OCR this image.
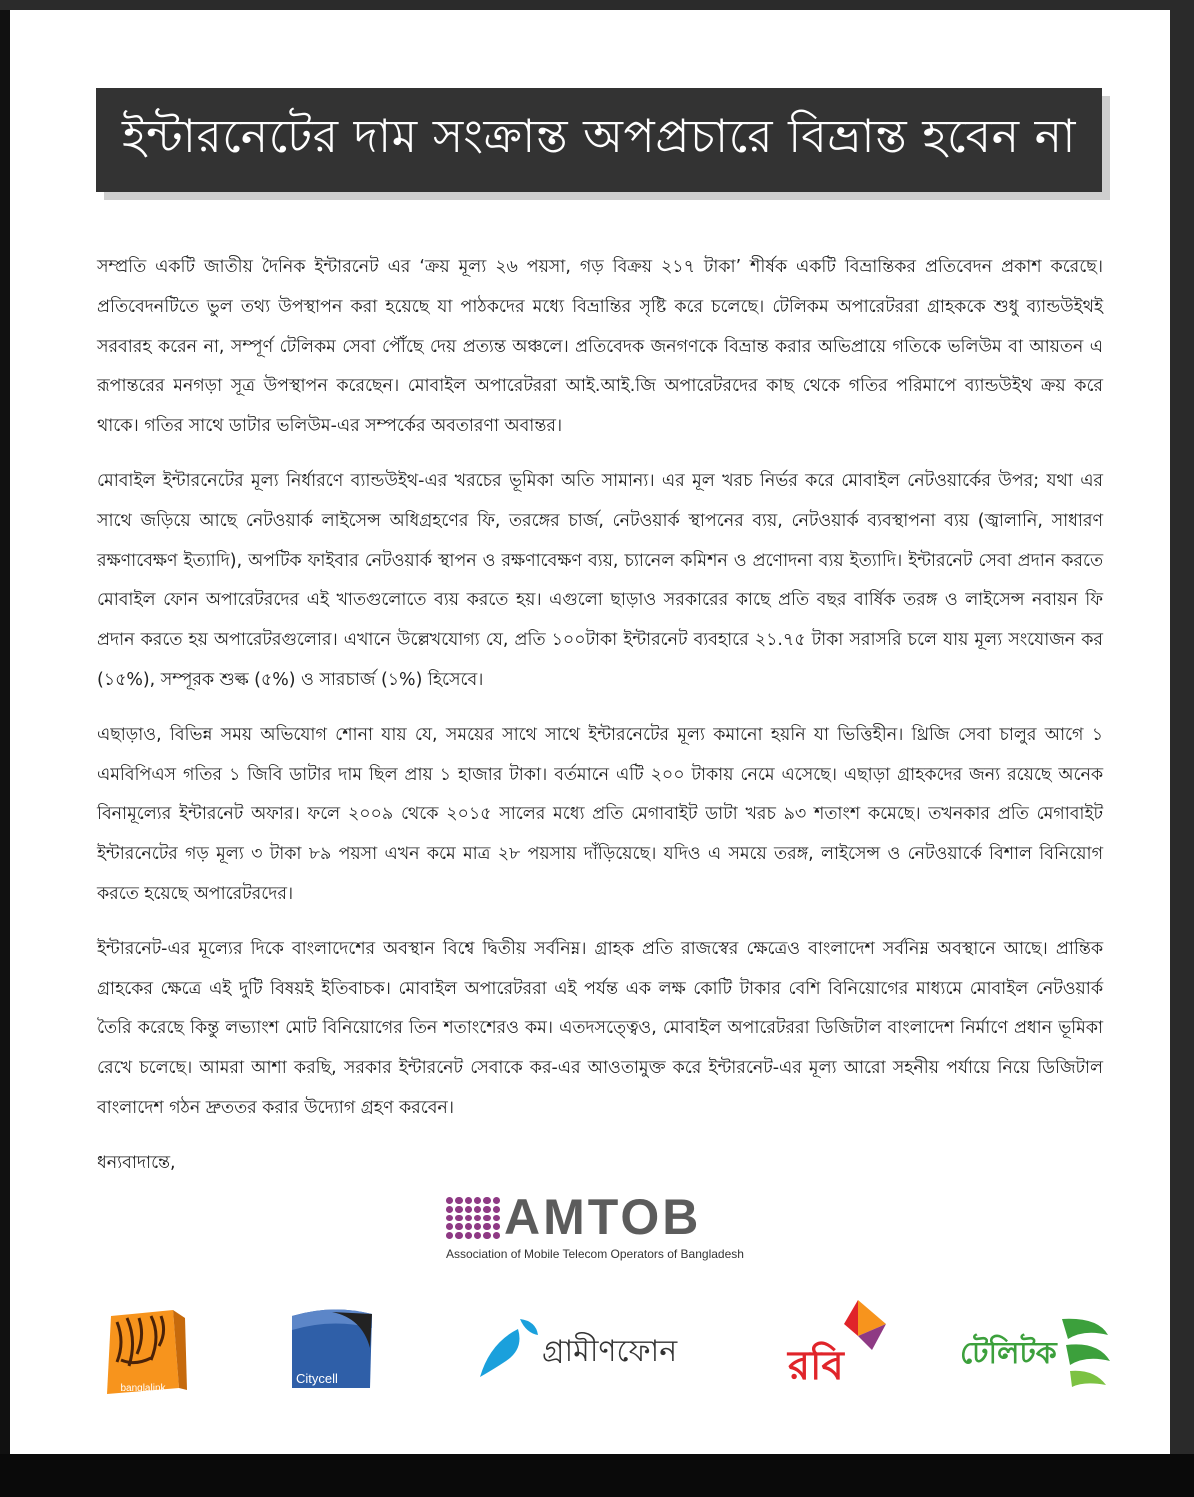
ইন্টারনেটের দাম সংক্রান্ত অপপ্রচারে বিভ্রান্ত হবেন না

সম্প্রতি একটি জাতীয় দৈনিক ইন্টারনেট এর ‘ক্রয় মূল্য ২৬ পয়সা, গড় বিক্রয় ২১৭ টাকা’ শীর্ষক একটি বিভ্রান্তিকর প্রতিবেদন প্রকাশ করেছে। প্রতিবেদনটিতে ভুল তথ্য উপস্থাপন করা হয়েছে যা পাঠকদের মধ্যে বিভ্রান্তির সৃষ্টি করে চলেছে। টেলিকম অপারেটররা গ্রাহককে শুধু ব্যান্ডউইথই সরবারহ করেন না, সম্পূর্ণ টেলিকম সেবা পৌঁছে দেয় প্রত্যন্ত অঞ্চলে। প্রতিবেদক জনগণকে বিভ্রান্ত করার অভিপ্রায়ে গতিকে ভলিউম বা আয়তন এ রূপান্তরের মনগড়া সূত্র উপস্থাপন করেছেন। মোবাইল অপারেটররা আই.আই.জি অপারেটরদের কাছ থেকে গতির পরিমাপে ব্যান্ডউইথ ক্রয় করে থাকে। গতির সাথে ডাটার ভলিউম-এর সম্পর্কের অবতারণা অবান্তর।

মোবাইল ইন্টারনেটের মূল্য নির্ধারণে ব্যান্ডউইথ-এর খরচের ভূমিকা অতি সামান্য। এর মূল খরচ নির্ভর করে মোবাইল নেটওয়ার্কের উপর; যথা এর সাথে জড়িয়ে আছে নেটওয়ার্ক লাইসেন্স অধিগ্রহণের ফি, তরঙ্গের চার্জ, নেটওয়ার্ক স্থাপনের ব্যয়, নেটওয়ার্ক ব্যবস্থাপনা ব্যয় (জ্বালানি, সাধারণ রক্ষণাবেক্ষণ ইত্যাদি), অপটিক ফাইবার নেটওয়ার্ক স্থাপন ও রক্ষণাবেক্ষণ ব্যয়, চ্যানেল কমিশন ও প্রণোদনা ব্যয় ইত্যাদি। ইন্টারনেট সেবা প্রদান করতে মোবাইল ফোন অপারেটরদের এই খাতগুলোতে ব্যয় করতে হয়। এগুলো ছাড়াও সরকারের কাছে প্রতি বছর বার্ষিক তরঙ্গ ও লাইসেন্স নবায়ন ফি প্রদান করতে হয় অপারেটরগুলোর। এখানে উল্লেখযোগ্য যে, প্রতি ১০০টাকা ইন্টারনেট ব্যবহারে ২১.৭৫ টাকা সরাসরি চলে যায় মূল্য সংযোজন কর (১৫%), সম্পূরক শুল্ক (৫%) ও সারচার্জ (১%) হিসেবে।

এছাড়াও, বিভিন্ন সময় অভিযোগ শোনা যায় যে, সময়ের সাথে সাথে ইন্টারনেটের মূল্য কমানো হয়নি যা ভিত্তিহীন। থ্রিজি সেবা চালুর আগে ১ এমবিপিএস গতির ১ জিবি ডাটার দাম ছিল প্রায় ১ হাজার টাকা। বর্তমানে এটি ২০০ টাকায় নেমে এসেছে। এছাড়া গ্রাহকদের জন্য রয়েছে অনেক বিনামূল্যের ইন্টারনেট অফার। ফলে ২০০৯ থেকে ২০১৫ সালের মধ্যে প্রতি মেগাবাইট ডাটা খরচ ৯৩ শতাংশ কমেছে। তখনকার প্রতি মেগাবাইট ইন্টারনেটের গড় মূল্য ৩ টাকা ৮৯ পয়সা এখন কমে মাত্র ২৮ পয়সায় দাঁড়িয়েছে। যদিও এ সময়ে তরঙ্গ, লাইসেন্স ও নেটওয়ার্কে বিশাল বিনিয়োগ করতে হয়েছে অপারেটরদের।

ইন্টারনেট-এর মূল্যের দিকে বাংলাদেশের অবস্থান বিশ্বে দ্বিতীয় সর্বনিম্ন। গ্রাহক প্রতি রাজস্বের ক্ষেত্রেও বাংলাদেশ সর্বনিম্ন অবস্থানে আছে। প্রান্তিক গ্রাহকের ক্ষেত্রে এই দুটি বিষয়ই ইতিবাচক। মোবাইল অপারেটররা এই পর্যন্ত এক লক্ষ কোটি টাকার বেশি বিনিয়োগের মাধ্যমে মোবাইল নেটওয়ার্ক তৈরি করেছে কিন্তু লভ্যাংশ মোট বিনিয়োগের তিন শতাংশেরও কম। এতদসত্ত্বেও, মোবাইল অপারেটররা ডিজিটাল বাংলাদেশ নির্মাণে প্রধান ভূমিকা রেখে চলেছে। আমরা আশা করছি, সরকার ইন্টারনেট সেবাকে কর-এর আওতামুক্ত করে ইন্টারনেট-এর মূল্য আরো সহনীয় পর্যায়ে নিয়ে ডিজিটাল বাংলাদেশ গঠন দ্রুততর করার উদ্যোগ গ্রহণ করবেন।

ধন্যবাদান্তে,

AMTOB
Association of Mobile Telecom Operators of Bangladesh
banglalink
Citycell
গ্রামীণফোন	রবি	টেলিটক
